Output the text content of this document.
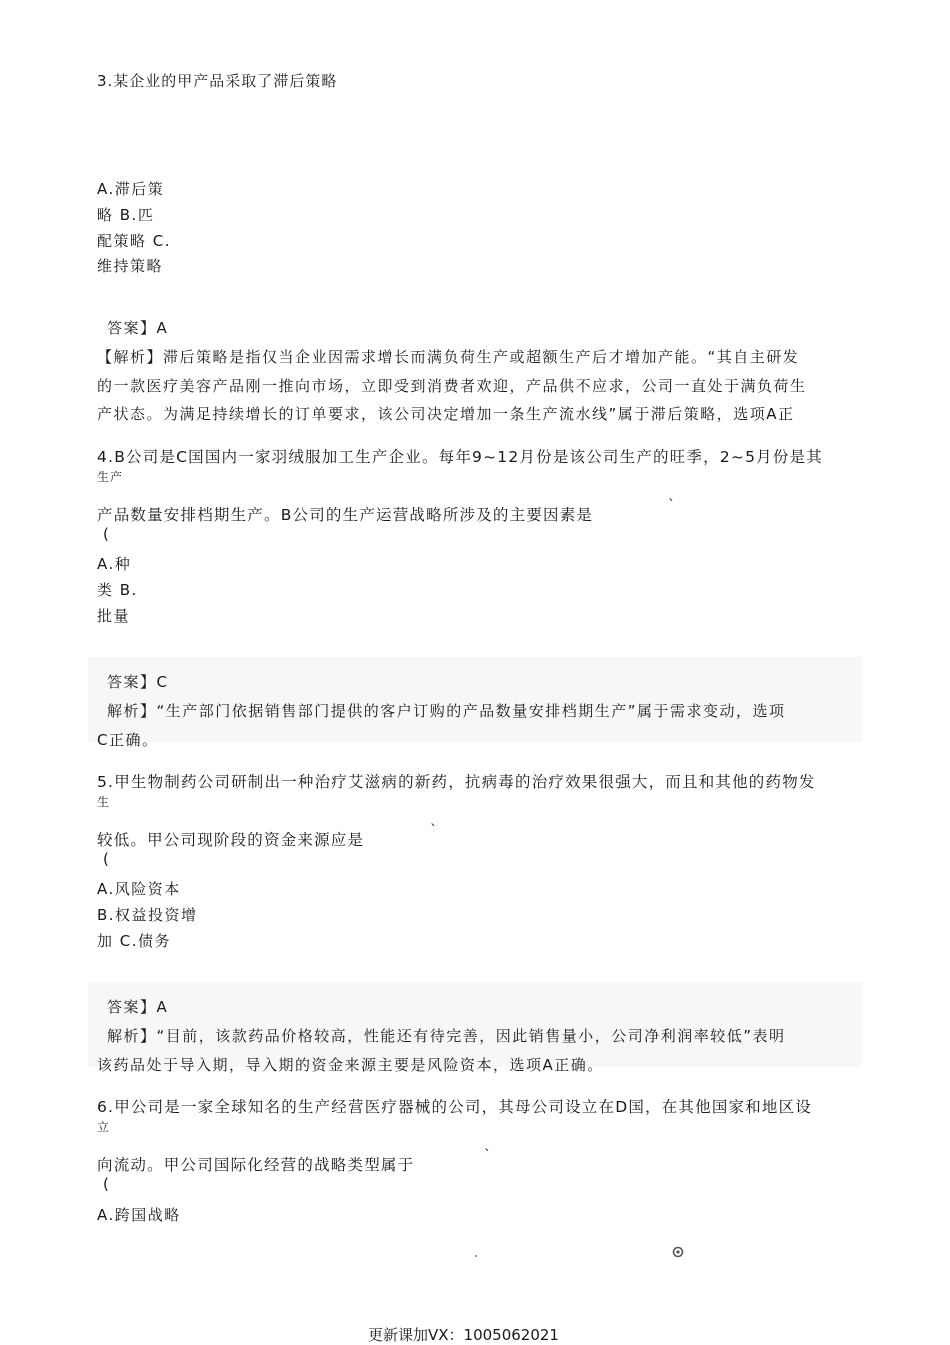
3.某企业的甲产品采取了滞后策略
A.滞后策
略 B.匹
配策略 C.
维持策略
答案】A
【解析】滞后策略是指仅当企业因需求增长而满负荷生产或超额生产后才增加产能。“其自主研发
的一款医疗美容产品刚一推向市场，立即受到消费者欢迎，产品供不应求，公司一直处于满负荷生
产状态。为满足持续增长的订单要求，该公司决定增加一条生产流水线”属于滞后策略，选项A正
4.B公司是C国国内一家羽绒服加工生产企业。每年9~12月份是该公司生产的旺季，2~5月份是其
生产
产品数量安排档期生产。B公司的生产运营战略所涉及的主要因素是	`
(
A.种
类 B.
批量
答案】C
解析】“生产部门依据销售部门提供的客户订购的产品数量安排档期生产”属于需求变动，选项
C正确。
5.甲生物制药公司研制出一种治疗艾滋病的新药，抗病毒的治疗效果很强大，而且和其他的药物发
生
较低。甲公司现阶段的资金来源应是	`
(
A.风险资本
B.权益投资增
加 C.债务
答案】A
解析】“目前，该款药品价格较高，性能还有待完善，因此销售量小，公司净利润率较低”表明
该药品处于导入期，导入期的资金来源主要是风险资本，选项A正确。
6.甲公司是一家全球知名的生产经营医疗器械的公司，其母公司设立在D国，在其他国家和地区设
立
向流动。甲公司国际化经营的战略类型属于	`
(
A.跨国战略
更新课加VX：1005062021
